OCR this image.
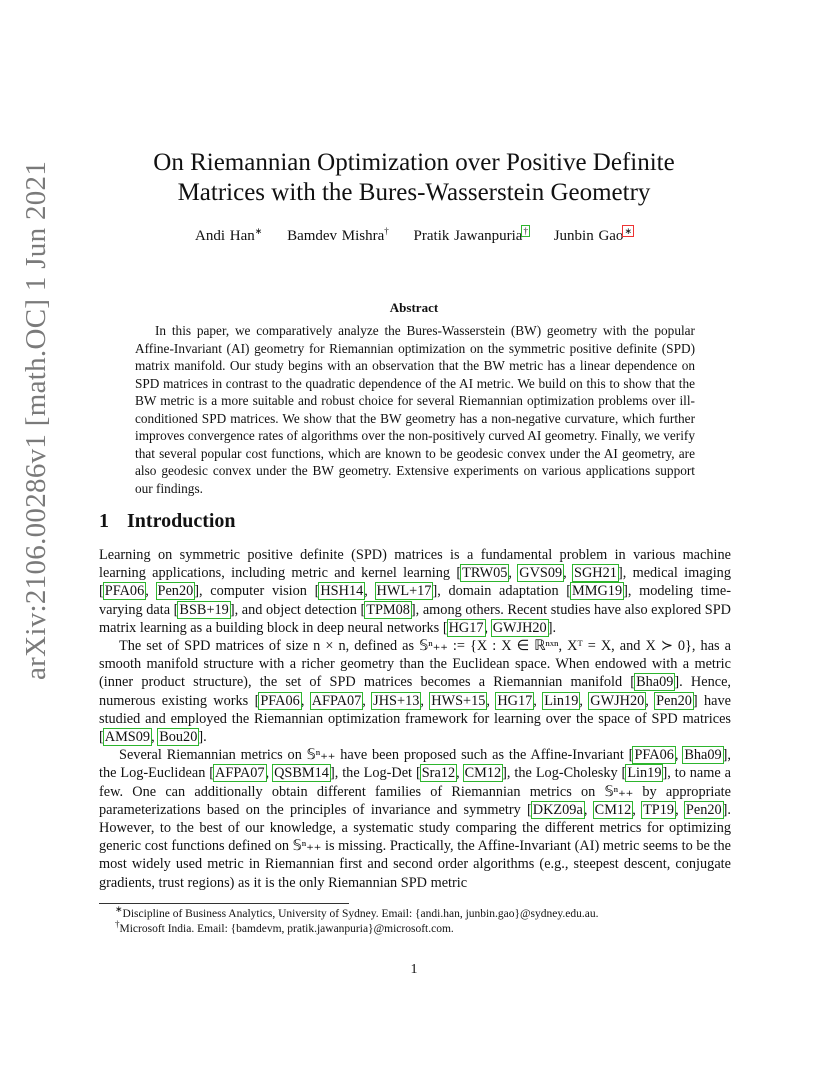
arXiv:2106.00286v1 [math.OC] 1 Jun 2021	On Riemannian Optimization over Positive Definite
Matrices with the Bures-Wasserstein Geometry
Andi Han∗ Bamdev Mishra† Pratik Jawanpuria† Junbin Gao∗
Abstract

In this paper, we comparatively analyze the Bures-Wasserstein (BW) geometry with the popular Affine-Invariant (AI) geometry for Riemannian optimization on the symmetric positive definite (SPD) matrix manifold. Our study begins with an observation that the BW metric has a linear dependence on SPD matrices in contrast to the quadratic dependence of the AI metric. We build on this to show that the BW metric is a more suitable and robust choice for several Riemannian optimization problems over ill-conditioned SPD matrices. We show that the BW geometry has a non-negative curvature, which further improves convergence rates of algorithms over the non-positively curved AI geometry. Finally, we verify that several popular cost functions, which are known to be geodesic convex under the AI geometry, are also geodesic convex under the BW geometry. Extensive experiments on various applications support our findings.

1 Introduction

Learning on symmetric positive definite (SPD) matrices is a fundamental problem in various machine learning applications, including metric and kernel learning [TRW05, GVS09, SGH21], medical imaging [PFA06, Pen20], computer vision [HSH14, HWL+17], domain adaptation [MMG19], modeling time-varying data [BSB+19], and object detection [TPM08], among others. Recent studies have also explored SPD matrix learning as a building block in deep neural networks [HG17, GWJH20].

The set of SPD matrices of size n × n, defined as 𝕊ⁿ₊₊ := {X : X ∈ ℝⁿˣⁿ, Xᵀ = X, and X ≻ 0}, has a smooth manifold structure with a richer geometry than the Euclidean space. When endowed with a metric (inner product structure), the set of SPD matrices becomes a Riemannian manifold [Bha09]. Hence, numerous existing works [PFA06, AFPA07, JHS+13, HWS+15, HG17, Lin19, GWJH20, Pen20] have studied and employed the Riemannian optimization framework for learning over the space of SPD matrices [AMS09, Bou20].

Several Riemannian metrics on 𝕊ⁿ₊₊ have been proposed such as the Affine-Invariant [PFA06, Bha09], the Log-Euclidean [AFPA07, QSBM14], the Log-Det [Sra12, CM12], the Log-Cholesky [Lin19], to name a few. One can additionally obtain different families of Riemannian metrics on 𝕊ⁿ₊₊ by appropriate parameterizations based on the principles of invariance and symmetry [DKZ09a, CM12, TP19, Pen20]. However, to the best of our knowledge, a systematic study comparing the different metrics for optimizing generic cost functions defined on 𝕊ⁿ₊₊ is missing. Practically, the Affine-Invariant (AI) metric seems to be the most widely used metric in Riemannian first and second order algorithms (e.g., steepest descent, conjugate gradients, trust regions) as it is the only Riemannian SPD metric

∗Discipline of Business Analytics, University of Sydney. Email: {andi.han, junbin.gao}@sydney.edu.au.
†Microsoft India. Email: {bamdevm, pratik.jawanpuria}@microsoft.com.
1
